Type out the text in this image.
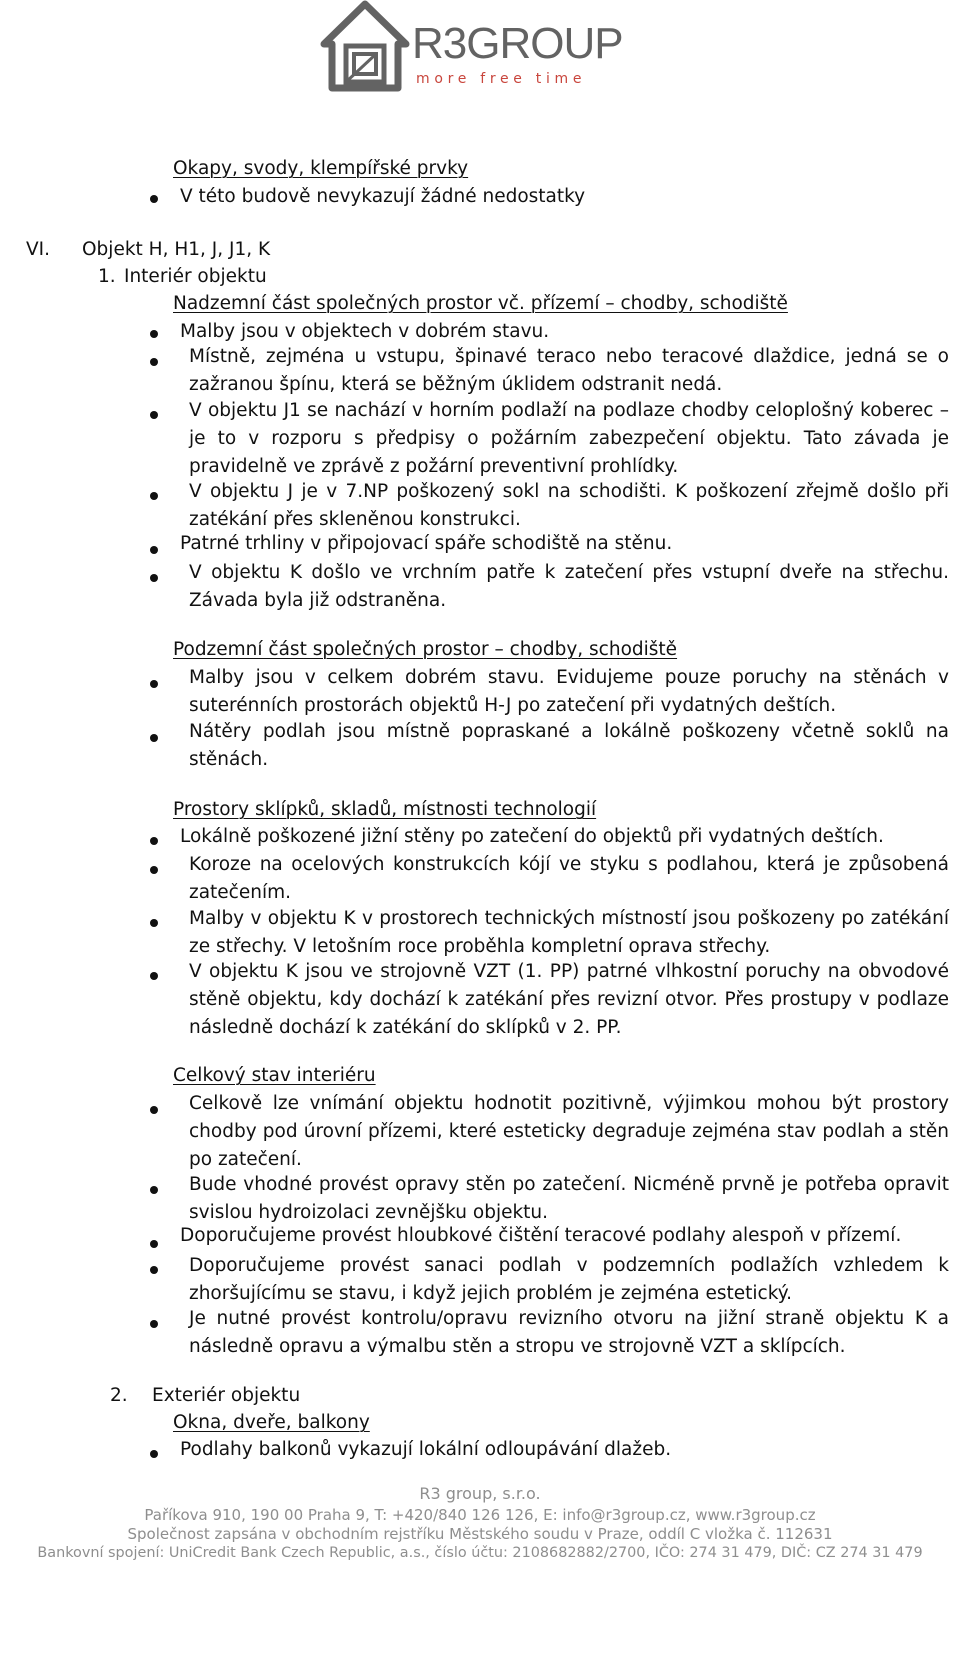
R3GROUP
more free time
Okapy, svody, klempířské prvky
V této budově nevykazují žádné nedostatky
VI. Objekt H, H1, J, J1, K
1. Interiér objektu
Nadzemní část společných prostor vč. přízemí – chodby, schodiště
Malby jsou v objektech v dobrém stavu.
Místně, zejména u vstupu, špinavé teraco nebo teracové dlaždice, jedná se o zažranou špínu, která se běžným úklidem odstranit nedá.
V objektu J1 se nachází v horním podlaží na podlaze chodby celoplošný koberec – je to v rozporu s předpisy o požárním zabezpečení objektu. Tato závada je pravidelně ve zprávě z požární preventivní prohlídky.
V objektu J je v 7.NP poškozený sokl na schodišti. K poškození zřejmě došlo při zatékání přes skleněnou konstrukci.
Patrné trhliny v připojovací spáře schodiště na stěnu.
V objektu K došlo ve vrchním patře k zatečení přes vstupní dveře na střechu. Závada byla již odstraněna.
Podzemní část společných prostor – chodby, schodiště
Malby jsou v celkem dobrém stavu. Evidujeme pouze poruchy na stěnách v suterénních prostorách objektů H-J po zatečení při vydatných deštích.
Nátěry podlah jsou místně popraskané a lokálně poškozeny včetně soklů na stěnách.
Prostory sklípků, skladů, místnosti technologií
Lokálně poškozené jižní stěny po zatečení do objektů při vydatných deštích.
Koroze na ocelových konstrukcích kójí ve styku s podlahou, která je způsobená zatečením.
Malby v objektu K v prostorech technických místností jsou poškozeny po zatékání ze střechy. V letošním roce proběhla kompletní oprava střechy.
V objektu K jsou ve strojovně VZT (1. PP) patrné vlhkostní poruchy na obvodové stěně objektu, kdy dochází k zatékání přes revizní otvor. Přes prostupy v podlaze následně dochází k zatékání do sklípků v 2. PP.
Celkový stav interiéru
Celkově lze vnímání objektu hodnotit pozitivně, výjimkou mohou být prostory chodby pod úrovní přízemi, které esteticky degraduje zejména stav podlah a stěn po zatečení.
Bude vhodné provést opravy stěn po zatečení. Nicméně prvně je potřeba opravit svislou hydroizolaci zevnějšku objektu.
Doporučujeme provést hloubkové čištění teracové podlahy alespoň v přízemí.
Doporučujeme provést sanaci podlah v podzemních podlažích vzhledem k zhoršujícímu se stavu, i když jejich problém je zejména estetický.
Je nutné provést kontrolu/opravu revizního otvoru na jižní straně objektu K a následně opravu a výmalbu stěn a stropu ve strojovně VZT a sklípcích.
2. Exteriér objektu
Okna, dveře, balkony
Podlahy balkonů vykazují lokální odloupávání dlažeb.
R3 group, s.r.o.
Paříkova 910, 190 00 Praha 9, T: +420/840 126 126, E: info@r3group.cz, www.r3group.cz
Společnost zapsána v obchodním rejstříku Městského soudu v Praze, oddíl C vložka č. 112631
Bankovní spojení: UniCredit Bank Czech Republic, a.s., číslo účtu: 2108682882/2700, IČO: 274 31 479, DIČ: CZ 274 31 479
